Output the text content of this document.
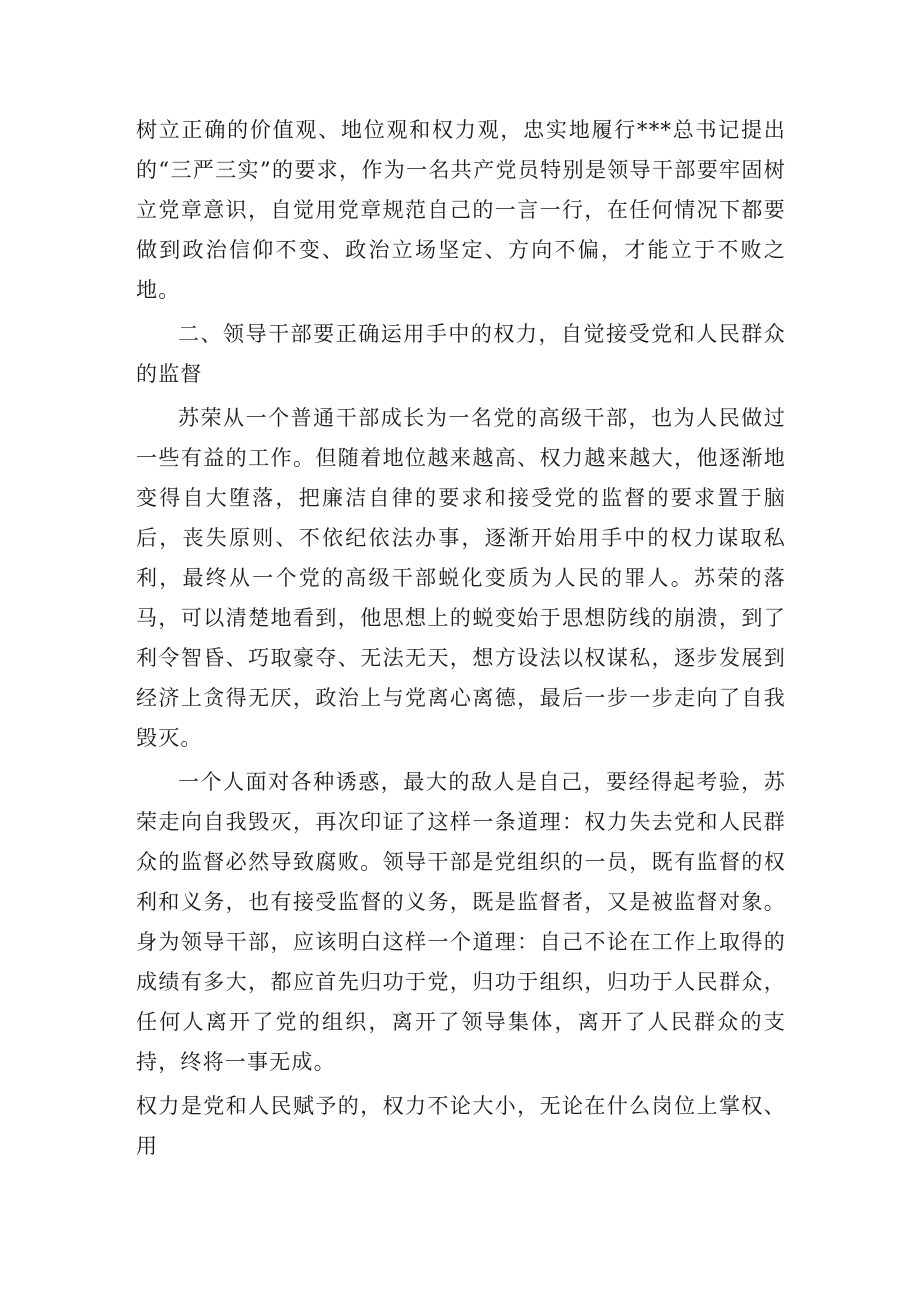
树立正确的价值观、地位观和权力观，忠实地履行***总书记提出的“三严三实”的要求，作为一名共产党员特别是领导干部要牢固树立党章意识，自觉用党章规范自己的一言一行，在任何情况下都要做到政治信仰不变、政治立场坚定、方向不偏，才能立于不败之地。

二、领导干部要正确运用手中的权力，自觉接受党和人民群众的监督

苏荣从一个普通干部成长为一名党的高级干部，也为人民做过一些有益的工作。但随着地位越来越高、权力越来越大，他逐渐地变得自大堕落，把廉洁自律的要求和接受党的监督的要求置于脑后，丧失原则、不依纪依法办事，逐渐开始用手中的权力谋取私利，最终从一个党的高级干部蜕化变质为人民的罪人。苏荣的落马，可以清楚地看到，他思想上的蜕变始于思想防线的崩溃，到了利令智昏、巧取豪夺、无法无天，想方设法以权谋私，逐步发展到经济上贪得无厌，政治上与党离心离德，最后一步一步走向了自我毁灭。

一个人面对各种诱惑，最大的敌人是自己，要经得起考验，苏荣走向自我毁灭，再次印证了这样一条道理：权力失去党和人民群众的监督必然导致腐败。领导干部是党组织的一员，既有监督的权利和义务，也有接受监督的义务，既是监督者，又是被监督对象。身为领导干部，应该明白这样一个道理：自己不论在工作上取得的成绩有多大，都应首先归功于党，归功于组织，归功于人民群众，任何人离开了党的组织，离开了领导集体，离开了人民群众的支持，终将一事无成。

权力是党和人民赋予的，权力不论大小，无论在什么岗位上掌权、用
